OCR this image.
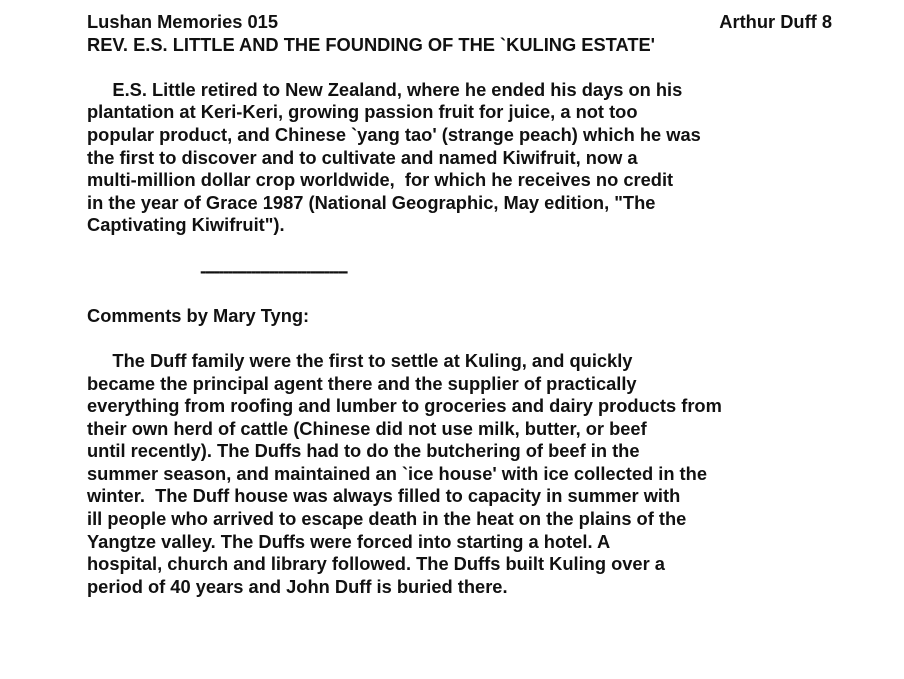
Lushan Memories 015	Arthur Duff 8
REV. E.S. LITTLE AND THE FOUNDING OF THE `KULING ESTATE'
E.S. Little retired to New Zealand, where he ended his days on his
plantation at Keri-Keri, growing passion fruit for juice, a not too
popular product, and Chinese `yang tao' (strange peach) which he was
the first to discover and to cultivate and named Kiwifruit, now a
multi-million dollar crop worldwide,  for which he receives no credit
in the year of Grace 1987 (National Geographic, May edition, "The
Captivating Kiwifruit").
--------------------------------
Comments by Mary Tyng:
The Duff family were the first to settle at Kuling, and quickly
became the principal agent there and the supplier of practically
everything from roofing and lumber to groceries and dairy products from
their own herd of cattle (Chinese did not use milk, butter, or beef
until recently). The Duffs had to do the butchering of beef in the
summer season, and maintained an `ice house' with ice collected in the
winter.  The Duff house was always filled to capacity in summer with
ill people who arrived to escape death in the heat on the plains of the
Yangtze valley. The Duffs were forced into starting a hotel. A
hospital, church and library followed. The Duffs built Kuling over a
period of 40 years and John Duff is buried there.
